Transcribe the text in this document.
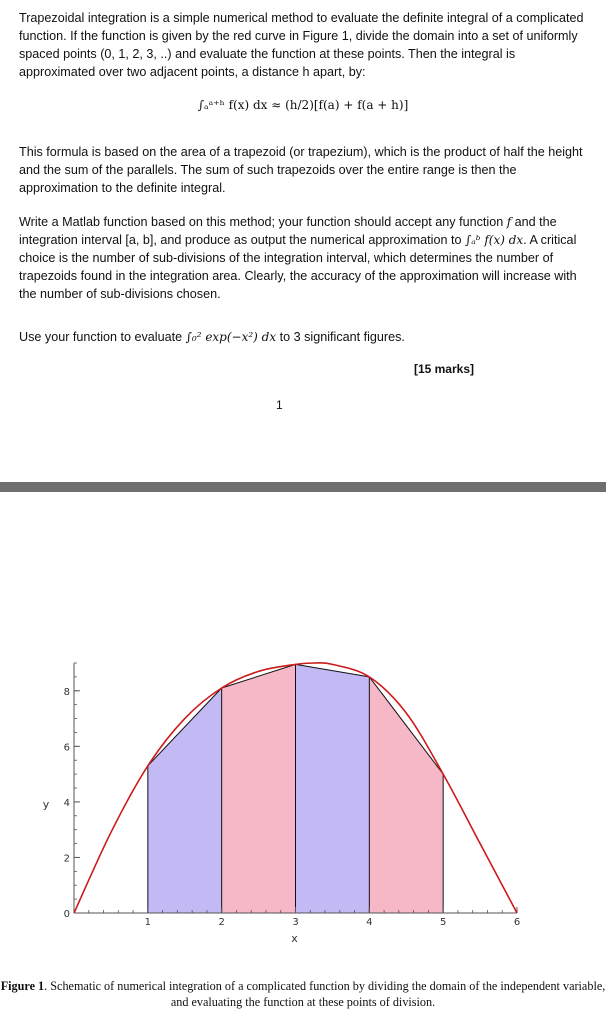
Trapezoidal integration is a simple numerical method to evaluate the definite integral of a complicated function. If the function is given by the red curve in Figure 1, divide the domain into a set of uniformly spaced points (0, 1, 2, 3, ..) and evaluate the function at these points. Then the integral is approximated over two adjacent points, a distance h apart, by:

∫ₐᵃ⁺ʰ f(x) dx ≈ (h/2)[f(a) + f(a + h)]

This formula is based on the area of a trapezoid (or trapezium), which is the product of half the height and the sum of the parallels. The sum of such trapezoids over the entire range is then the approximation to the definite integral.

Write a Matlab function based on this method; your function should accept any function f and the integration interval [a, b], and produce as output the numerical approximation to ∫ₐᵇ f(x) dx. A critical choice is the number of sub-divisions of the integration interval, which determines the number of trapezoids found in the integration area. Clearly, the accuracy of the approximation will increase with the number of sub-divisions chosen.

Use your function to evaluate ∫₀² exp(−x²) dx to 3 significant figures.

[15 marks]
1
1	2	3	4	5	6
0
2
4
6
8
x
y
Figure 1. Schematic of numerical integration of a complicated function by dividing the domain of the independent variable, and evaluating the function at these points of division.
